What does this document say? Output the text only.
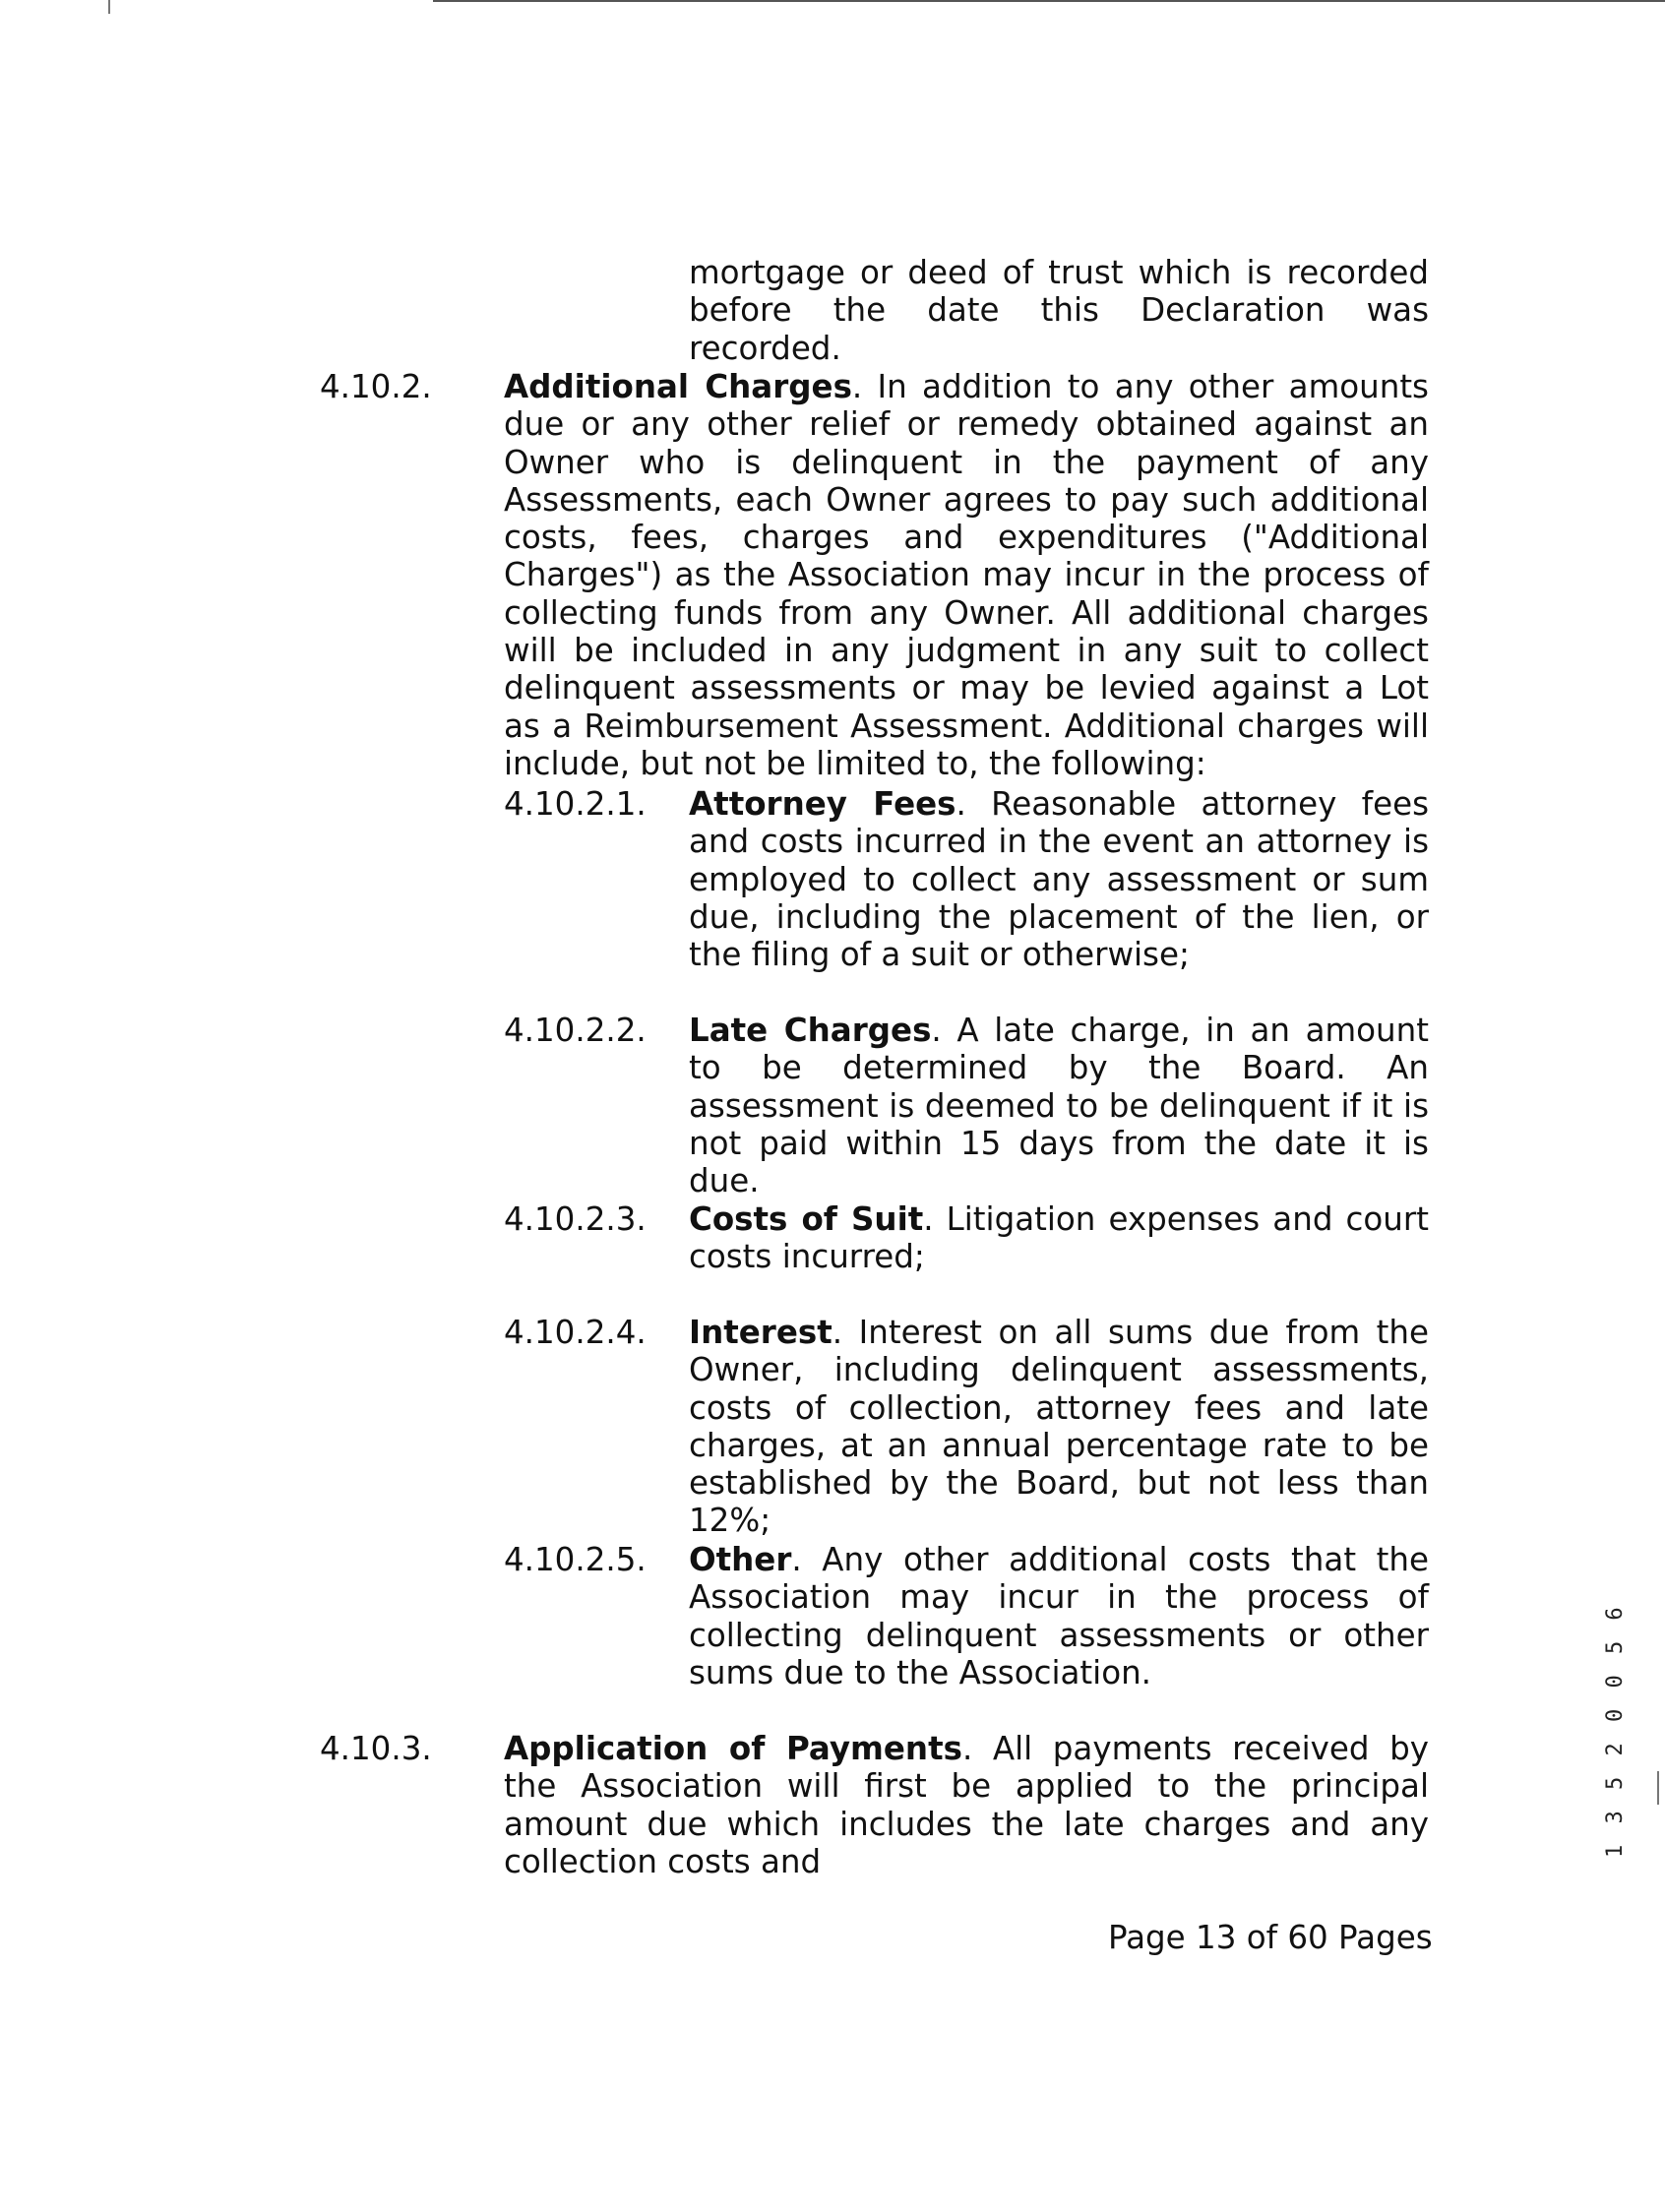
mortgage or deed of trust which is recorded before the date this Declaration was recorded.
4.10.2. Additional Charges. In addition to any other amounts due or any other relief or remedy obtained against an Owner who is delinquent in the payment of any Assessments, each Owner agrees to pay such additional costs, fees, charges and expenditures ("Additional Charges") as the Association may incur in the process of collecting funds from any Owner. All additional charges will be included in any judgment in any suit to collect delinquent assessments or may be levied against a Lot as a Reimbursement Assessment. Additional charges will include, but not be limited to, the following:
4.10.2.1. Attorney Fees. Reasonable attorney fees and costs incurred in the event an attorney is employed to collect any assessment or sum due, including the placement of the lien, or the filing of a suit or otherwise;
4.10.2.2. Late Charges. A late charge, in an amount to be determined by the Board. An assessment is deemed to be delinquent if it is not paid within 15 days from the date it is due.
4.10.2.3. Costs of Suit. Litigation expenses and court costs incurred;
4.10.2.4. Interest. Interest on all sums due from the Owner, including delinquent assessments, costs of collection, attorney fees and late charges, at an annual percentage rate to be established by the Board, but not less than 12%;
4.10.2.5. Other. Any other additional costs that the Association may incur in the process of collecting delinquent assessments or other sums due to the Association.
4.10.3. Application of Payments. All payments received by the Association will first be applied to the principal amount due which includes the late charges and any collection costs and
Page 13 of 60 Pages
1 3 5 2 0 0 5 6
